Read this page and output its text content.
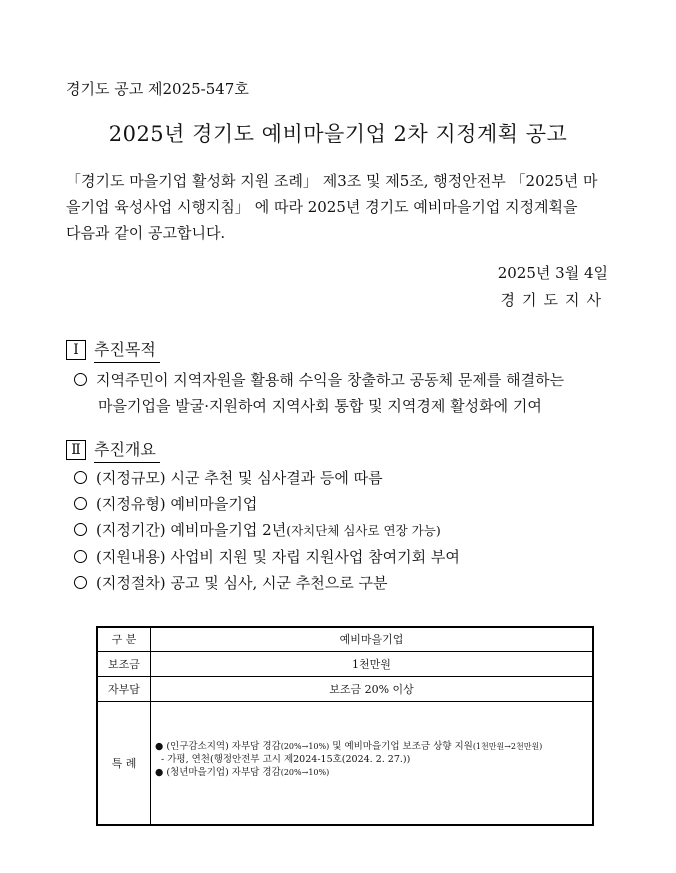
경기도 공고 제2025-547호
2025년 경기도 예비마을기업 2차 지정계획 공고
「경기도 마을기업 활성화 지원 조례」 제3조 및 제5조, 행정안전부 「2025년 마
을기업 육성사업 시행지침」 에 따라 2025년 경기도 예비마을기업 지정계획을
다음과 같이 공고합니다.
2025년 3월 4일
경기도지사
Ⅰ 추진목적
지역주민이 지역자원을 활용해 수익을 창출하고 공동체 문제를 해결하는
마을기업을 발굴·지원하여 지역사회 통합 및 지역경제 활성화에 기여
Ⅱ 추진개요
(지정규모) 시군 추천 및 심사결과 등에 따름
(지정유형) 예비마을기업
(지정기간) 예비마을기업 2년(자치단체 심사로 연장 가능)
(지원내용) 사업비 지원 및 자립 지원사업 참여기회 부여
(지정절차) 공고 및 심사, 시군 추천으로 구분
구 분	예비마을기업
보조금	1천만원
자부담	보조금 20% 이상
특 례	● (인구감소지역) 자부담 경감(20%→10%) 및 예비마을기업 보조금 상향 지원(1천만원→2천만원)
- 가평, 연천(행정안전부 고시 제2024-15호(2024. 2. 27.))
● (청년마을기업) 자부담 경감(20%→10%)
